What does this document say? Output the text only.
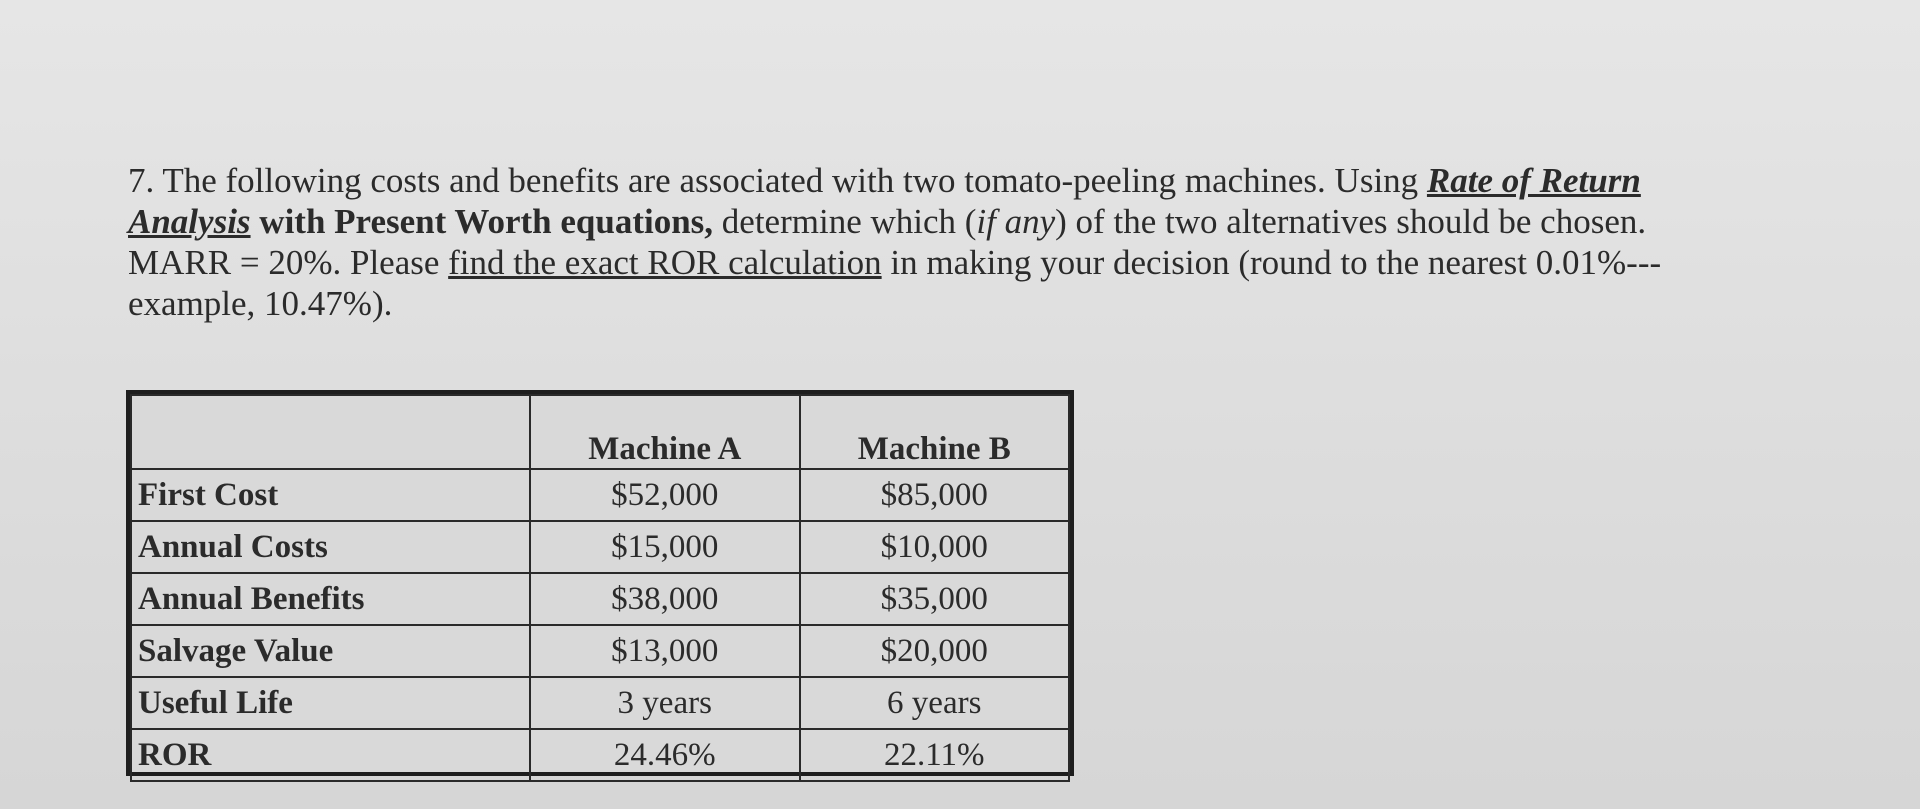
7. The following costs and benefits are associated with two tomato-peeling machines. Using Rate of Return
Analysis with Present Worth equations, determine which (if any) of the two alternatives should be chosen.
MARR = 20%. Please find the exact ROR calculation in making your decision (round to the nearest 0.01%---
example, 10.47%).
	Machine A	Machine B
First Cost	$52,000	$85,000
Annual Costs	$15,000	$10,000
Annual Benefits	$38,000	$35,000
Salvage Value	$13,000	$20,000
Useful Life	3 years	6 years
ROR	24.46%	22.11%
